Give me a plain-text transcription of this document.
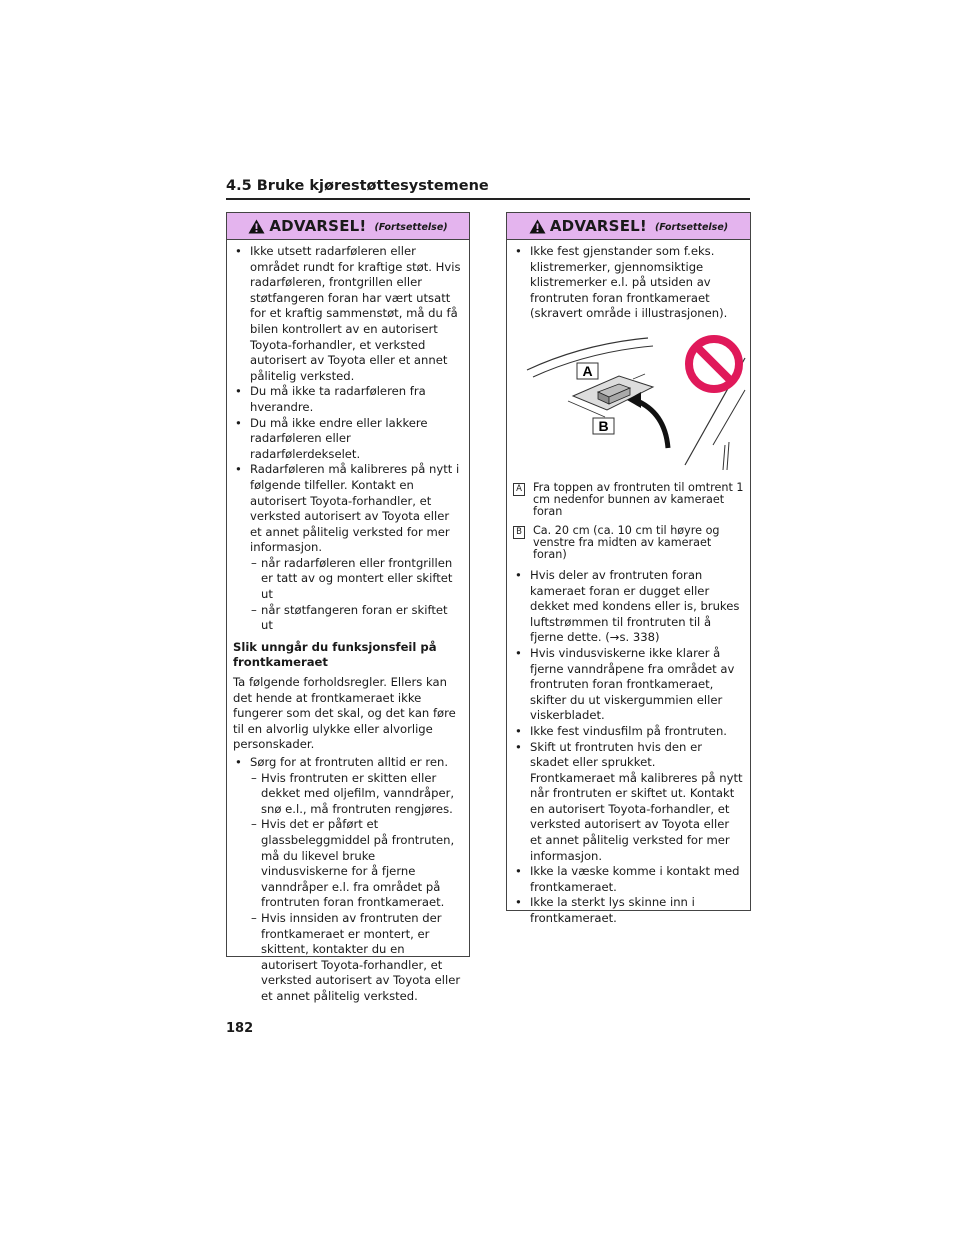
4.5 Bruke kjørestøttesystemene
ADVARSEL! (Fortsettelse)

• Ikke utsett radarføleren eller området rundt for kraftige støt. Hvis radarføleren, frontgrillen eller støtfangeren foran har vært utsatt for et kraftig sammenstøt, må du få bilen kontrollert av en autorisert Toyota-forhandler, et verksted autorisert av Toyota eller et annet pålitelig verksted.

• Du må ikke ta radarføleren fra hverandre.

• Du må ikke endre eller lakkere radarføleren eller radarfølerdekselet.

• Radarføleren må kalibreres på nytt i følgende tilfeller. Kontakt en autorisert Toyota-forhandler, et verksted autorisert av Toyota eller et annet pålitelig verksted for mer informasjon.

– når radarføleren eller frontgrillen er tatt av og montert eller skiftet ut

– når støtfangeren foran er skiftet ut

Slik unngår du funksjonsfeil på frontkameraet

Ta følgende forholdsregler. Ellers kan det hende at frontkameraet ikke fungerer som det skal, og det kan føre til en alvorlig ulykke eller alvorlige personskader.

• Sørg for at frontruten alltid er ren.

– Hvis frontruten er skitten eller dekket med oljefilm, vanndråper, snø e.l., må frontruten rengjøres.

– Hvis det er påført et glassbeleggmiddel på frontruten, må du likevel bruke vindusviskerne for å fjerne vanndråper e.l. fra området på frontruten foran frontkameraet.

– Hvis innsiden av frontruten der frontkameraet er montert, er skittent, kontakter du en autorisert Toyota-forhandler, et verksted autorisert av Toyota eller et annet pålitelig verksted.

ADVARSEL! (Fortsettelse)

• Ikke fest gjenstander som f.eks. klistremerker, gjennomsiktige klistremerker e.l. på utsiden av frontruten foran frontkameraet (skravert område i illustrasjonen).

A
B
A Fra toppen av frontruten til omtrent 1 cm nedenfor bunnen av kameraet foran
B Ca. 20 cm (ca. 10 cm til høyre og venstre fra midten av kameraet foran)

• Hvis deler av frontruten foran kameraet foran er dugget eller dekket med kondens eller is, brukes luftstrømmen til frontruten til å fjerne dette. (→s. 338)

• Hvis vindusviskerne ikke klarer å fjerne vanndråpene fra området av frontruten foran frontkameraet, skifter du ut viskergummien eller viskerbladet.

• Ikke fest vindusfilm på frontruten.

• Skift ut frontruten hvis den er skadet eller sprukket. Frontkameraet må kalibreres på nytt når frontruten er skiftet ut. Kontakt en autorisert Toyota-forhandler, et verksted autorisert av Toyota eller et annet pålitelig verksted for mer informasjon.

• Ikke la væske komme i kontakt med frontkameraet.

• Ikke la sterkt lys skinne inn i frontkameraet.

182
